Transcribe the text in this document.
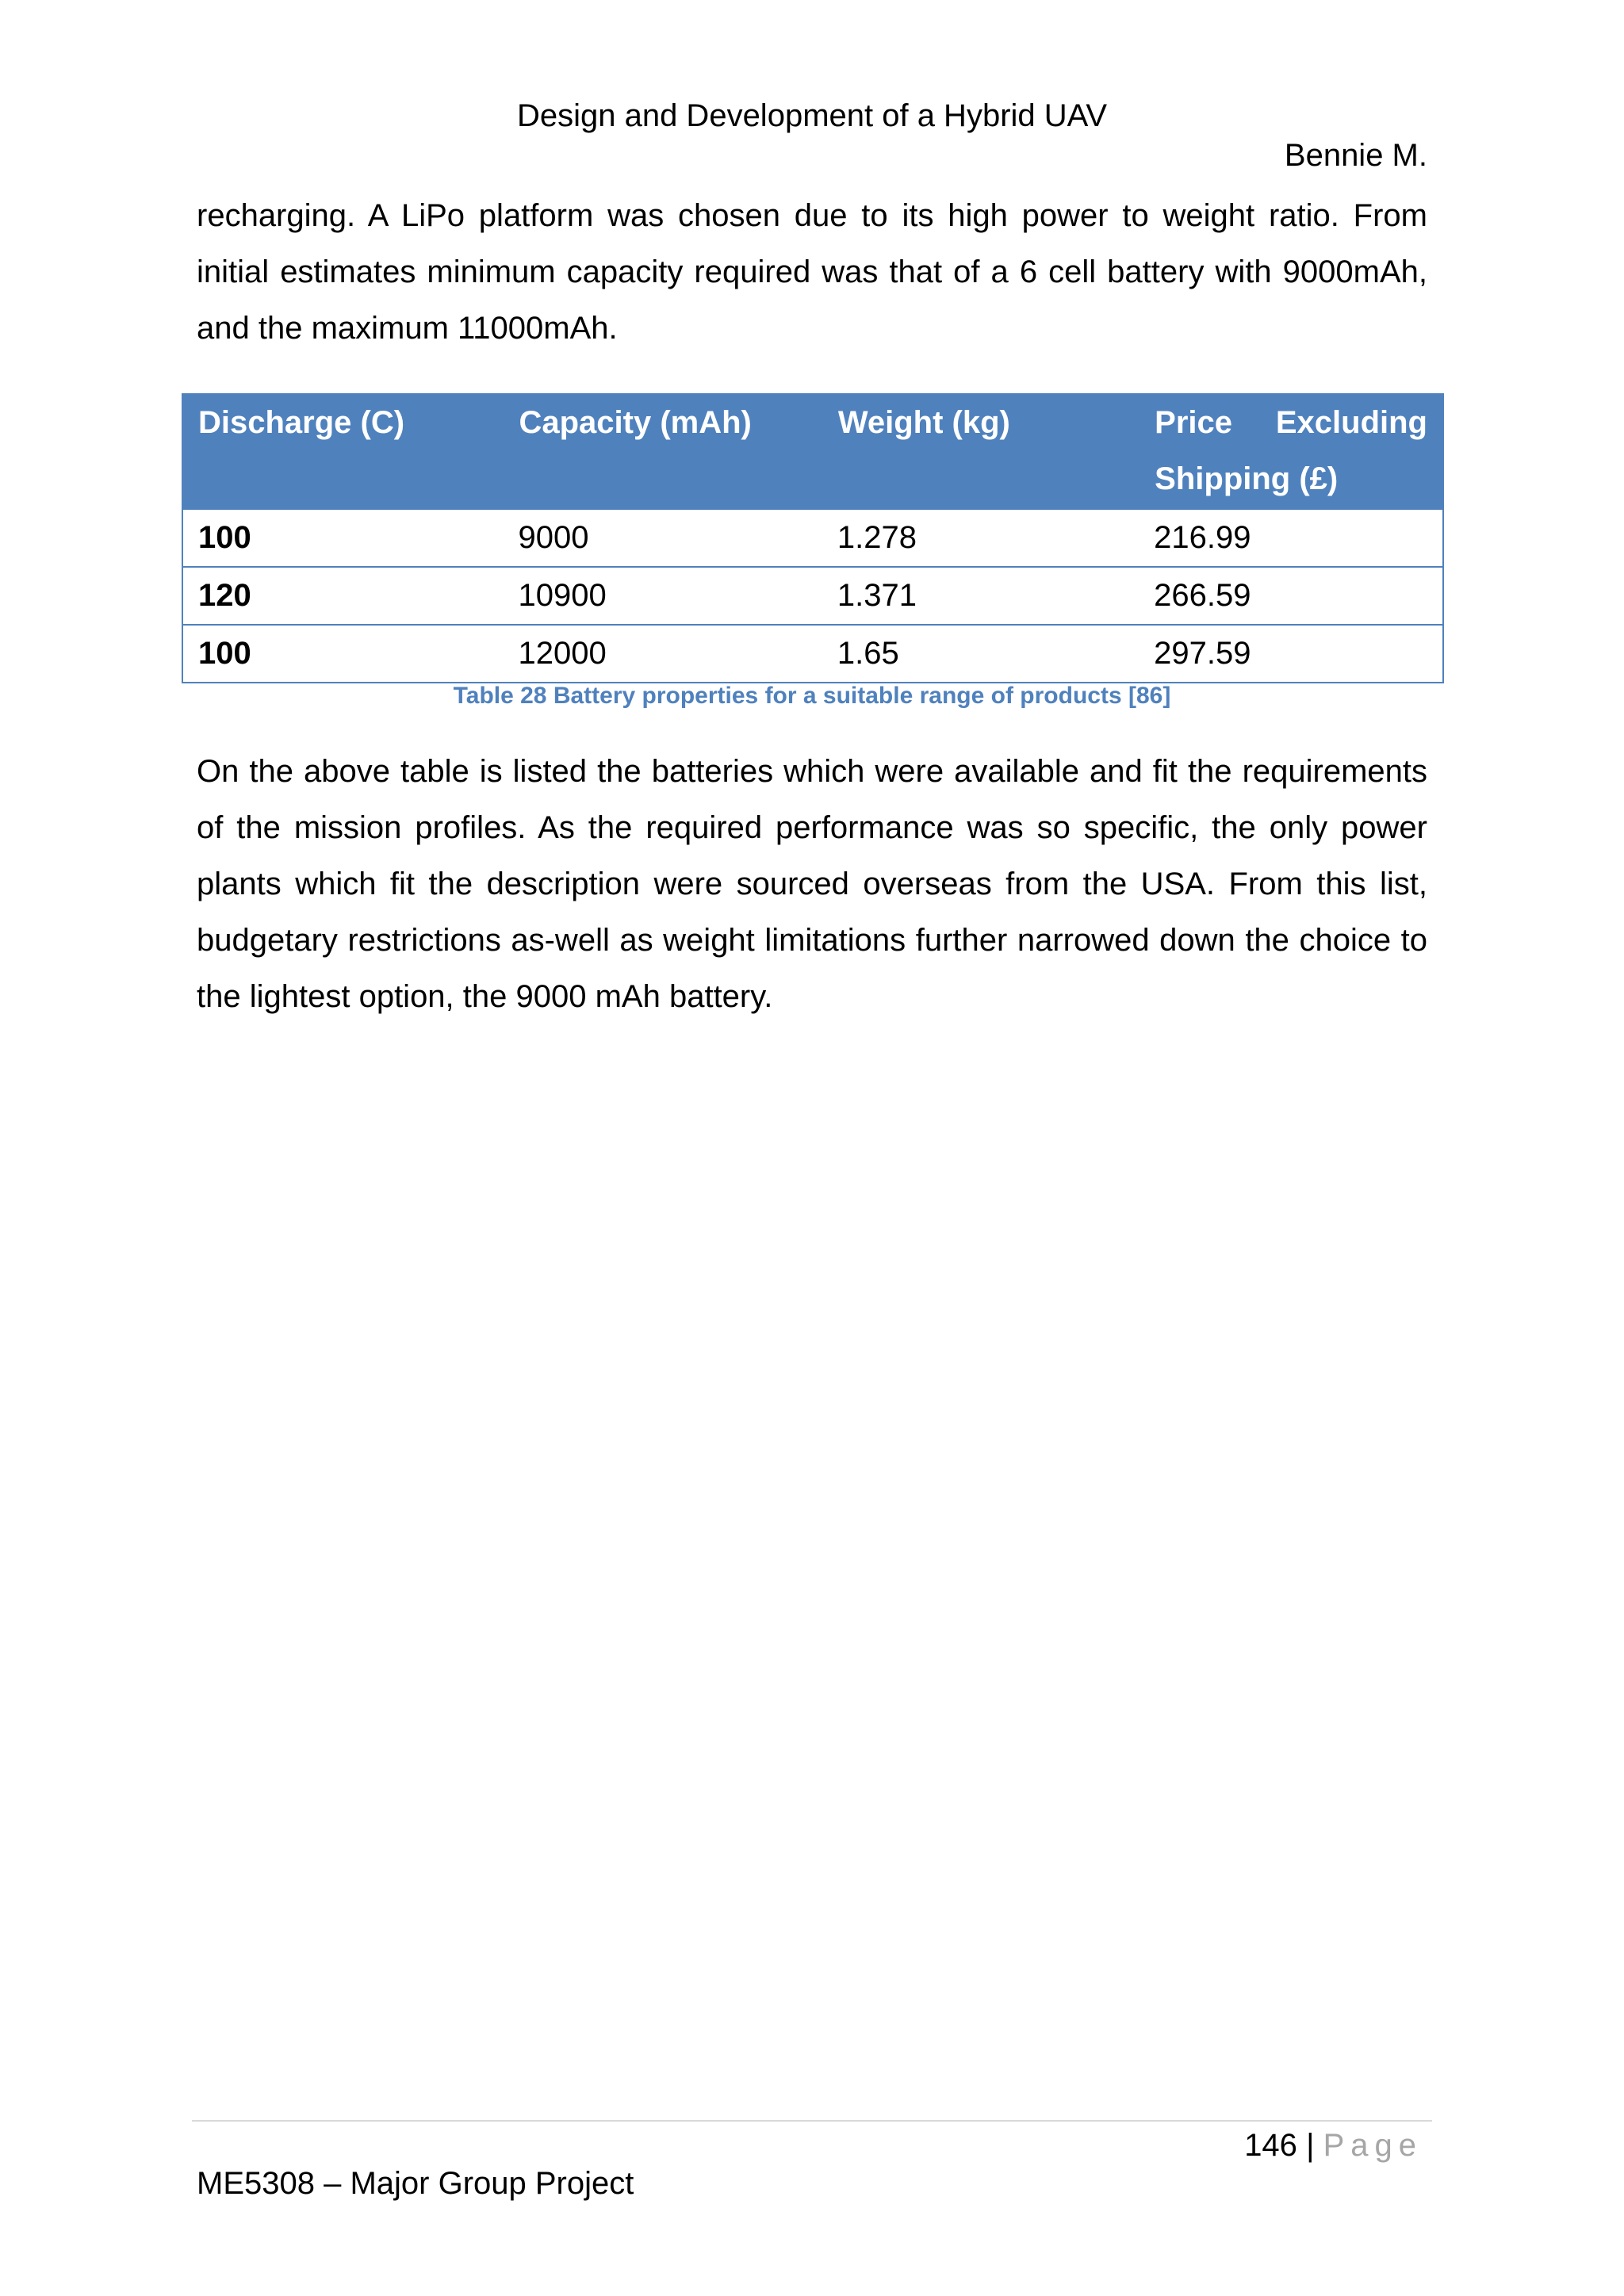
Design and Development of a Hybrid UAV
Bennie M.

recharging. A LiPo platform was chosen due to its high power to weight ratio. From initial estimates minimum capacity required was that of a 6 cell battery with 9000mAh, and the maximum 11000mAh.

Discharge (C)	Capacity (mAh)	Weight (kg)	Price Excluding
Shipping (£)

100	9000	1.278	216.99
120	10900	1.371	266.59
100	12000	1.65	297.59
Table 28 Battery properties for a suitable range of products [86]

On the above table is listed the batteries which were available and fit the requirements of the mission profiles. As the required performance was so specific, the only power plants which fit the description were sourced overseas from the USA. From this list, budgetary restrictions as-well as weight limitations further narrowed down the choice to the lightest option, the 9000 mAh battery.

146 | Page
ME5308 – Major Group Project
